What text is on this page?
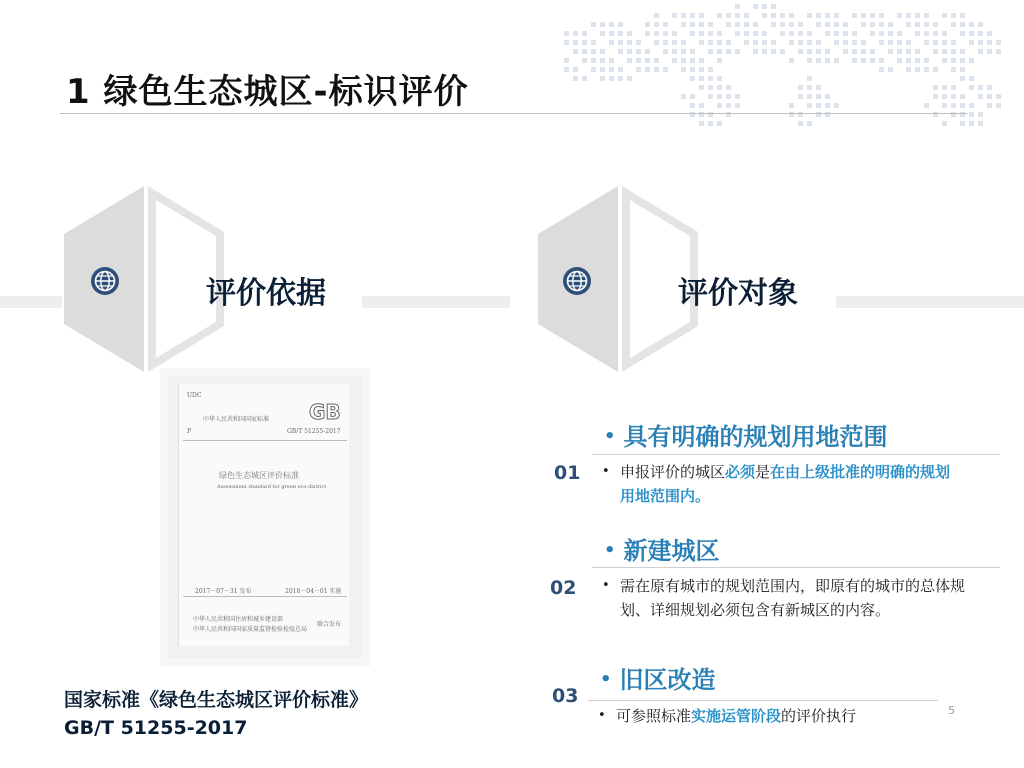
1 绿色生态城区-标识评价
评价依据	评价对象
UDC
中华人民共和国国家标准 GB
P	GB/T 51255-2017
绿色生态城区评价标准
Assessment standard for green eco-district
2017－07－31 发布	2018－04－01 实施
中华人民共和国住房和城乡建设部
中华人民共和国国家质量监督检验检疫总局
联合发布
国家标准《绿色生态城区评价标准》
GB/T 51255-2017
• 具有明确的规划用地范围
01 • 申报评价的城区必须是在由上级批准的明确的规划用地范围内。
• 新建城区
02 • 需在原有城市的规划范围内，即原有的城市的总体规划、详细规划必须包含有新城区的内容。
• 旧区改造
03
• 可参照标准实施运管阶段的评价执行	5
